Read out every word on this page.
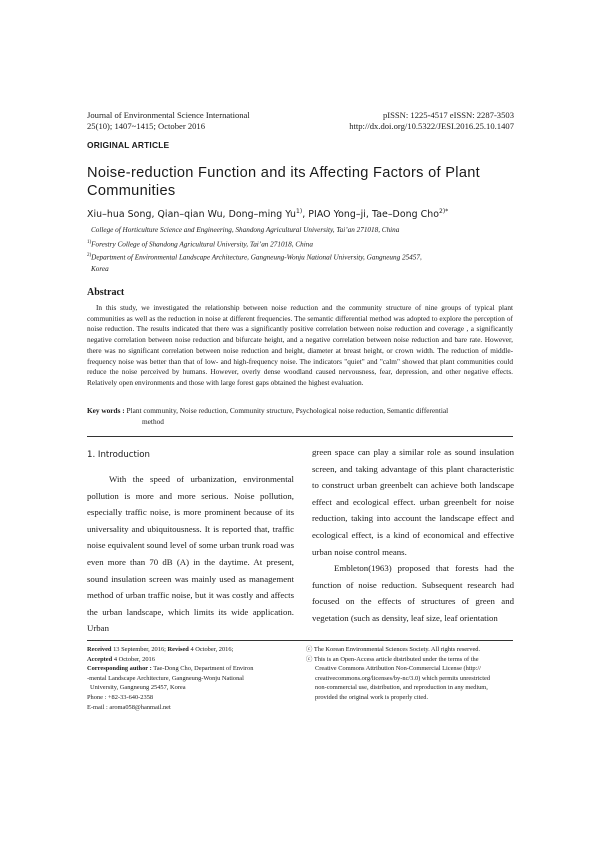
Journal of Environmental Science International
25(10); 1407~1415; October 2016
pISSN: 1225-4517 eISSN: 2287-3503
http://dx.doi.org/10.5322/JESI.2016.25.10.1407
ORIGINAL ARTICLE
Noise-reduction Function and its Affecting Factors of Plant
Communities
Xiu–hua Song, Qian–qian Wu, Dong–ming Yu$^{1)}$, PIAO Yong–ji, Tae–Dong Cho$^{2)*}$
College of Horticulture Science and Engineering, Shandong Agricultural University, Tai’an 271018, China
$^{1)}$Forestry College of Shandong Agricultural University, Tai’an 271018, China
$^{2)}$Department of Environmental Landscape Architecture, Gangneung-Wonju National University, Gangneung 25457,
Korea
Abstract
In this study, we investigated the relationship between noise reduction and the community structure of nine groups of typical plant communities as well as the reduction in noise at different frequencies. The semantic differential method was adopted to explore the perception of noise reduction. The results indicated that there was a significantly positive correlation between noise reduction and coverage , a significantly negative correlation between noise reduction and bifurcate height, and a negative correlation between noise reduction and bare rate. However, there was no significant correlation between noise reduction and height, diameter at breast height, or crown width. The reduction of middle-frequency noise was better than that of low- and high-frequency noise. The indicators "quiet" and "calm" showed that plant communities could reduce the noise perceived by humans. However, overly dense woodland caused nervousness, fear, depression, and other negative effects. Relatively open environments and those with large forest gaps obtained the highest evaluation.
Key words : Plant community, Noise reduction, Community structure, Psychological noise reduction, Semantic differential
method
1. Introduction

With the speed of urbanization, environmental pollution is more and more serious. Noise pollution, especially traffic noise, is more prominent because of its universality and ubiquitousness. It is reported that, traffic noise equivalent sound level of some urban trunk road was even more than 70 dB (A) in the daytime. At present, sound insulation screen was mainly used as management method of urban traffic noise, but it was costly and affects the urban landscape, which limits its wide application. Urban

green space can play a similar role as sound insulation screen, and taking advantage of this plant characteristic to construct urban greenbelt can achieve both landscape effect and ecological effect. urban greenbelt for noise reduction, taking into account the landscape effect and ecological effect, is a kind of economical and effective urban noise control means.

Embleton(1963) proposed that forests had the function of noise reduction. Subsequent research had focused on the effects of structures of green and vegetation (such as density, leaf size, leaf orientation

Received 13 September, 2016; Revised 4 October, 2016;
Accepted 4 October, 2016
Corresponding author : Tae-Dong Cho, Department of Environ
-mental Landscape Architecture, Gangneung-Wonju National
University, Gangneung 25457, Korea
Phone : +82-33-640-2358
E-mail : aroma058@hanmail.net
ⓒ The Korean Environmental Sciences Society. All rights reserved.
ⓒ This is an Open-Access article distributed under the terms of the
Creative Commons Attribution Non-Commercial License (http://
creativecommons.org/licenses/by-nc/3.0) which permits unrestricted
non-commercial use, distribution, and reproduction in any medium,
provided the original work is properly cited.
